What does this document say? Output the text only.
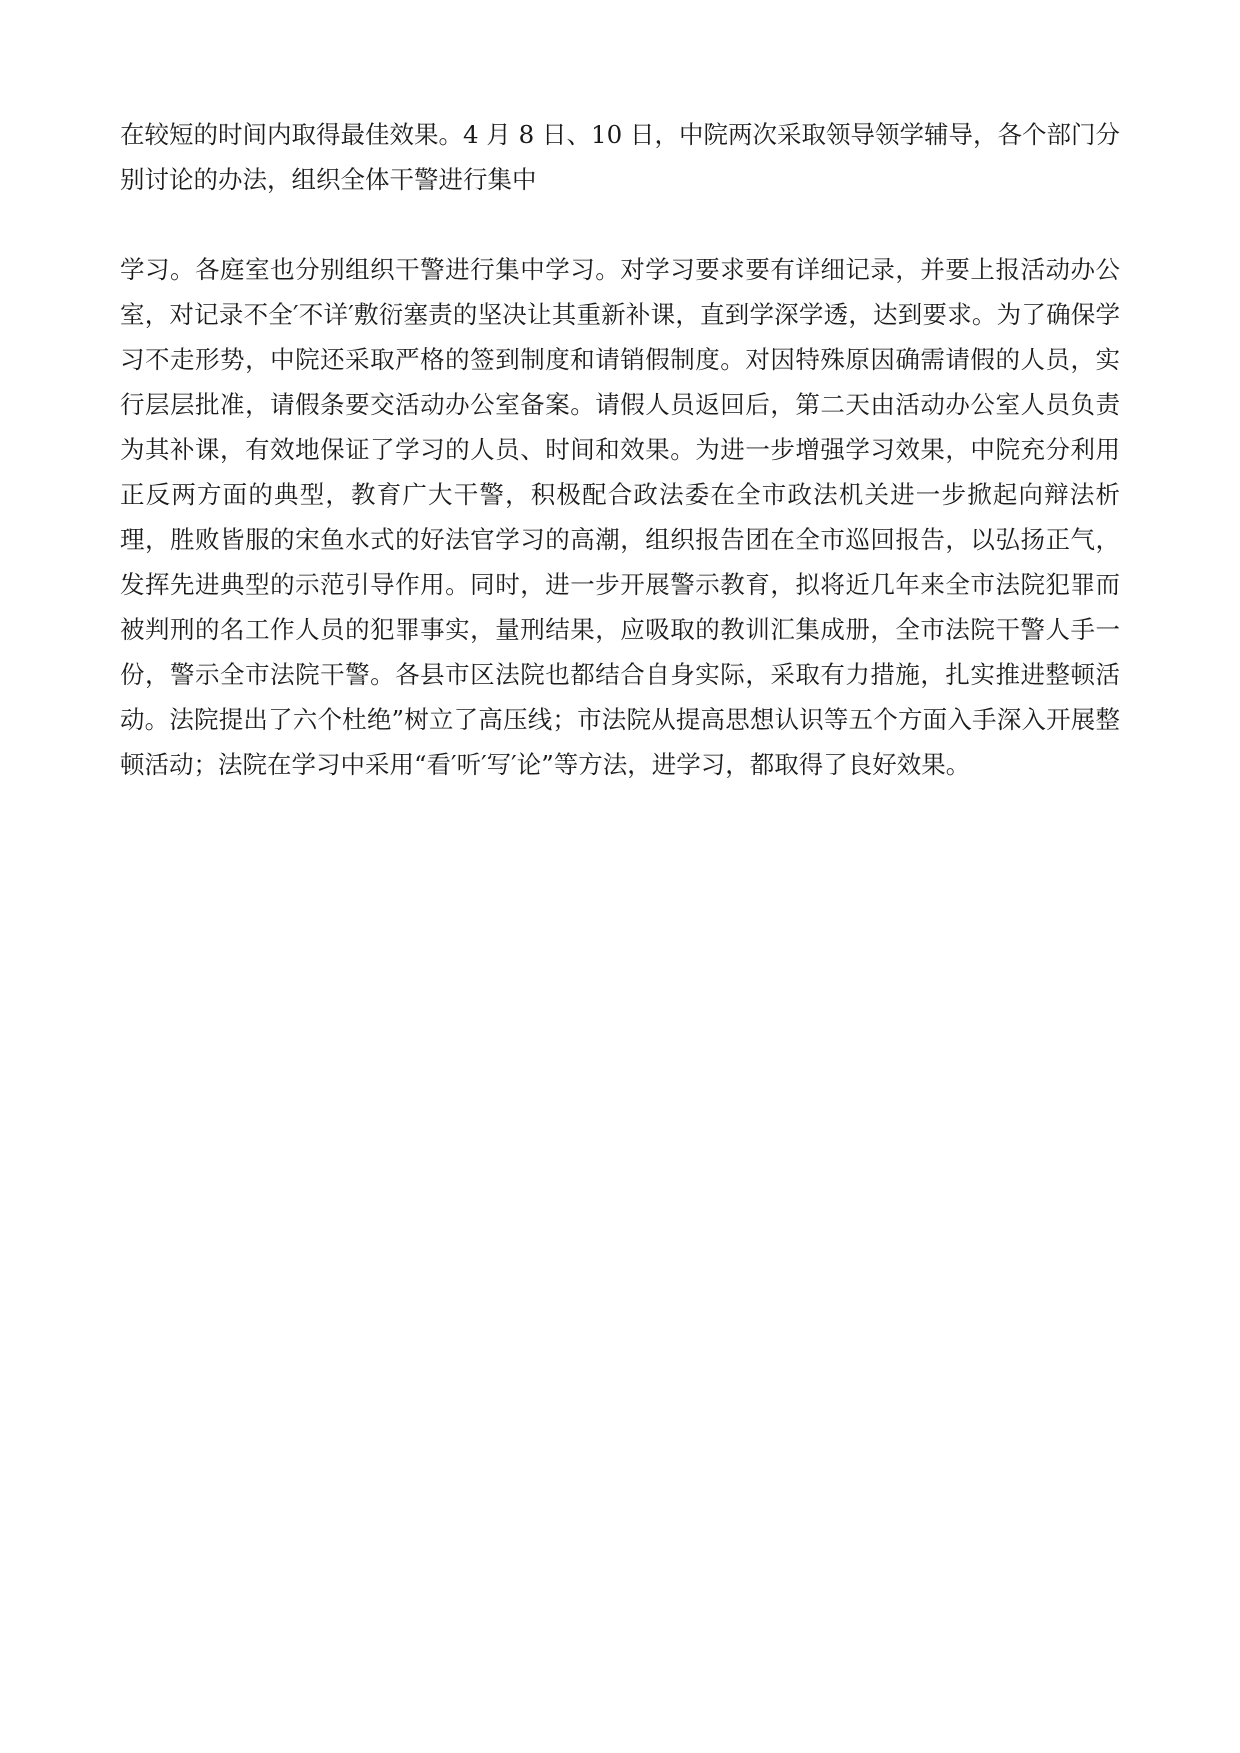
在较短的时间内取得最佳效果。4 月 8 日、10 日，中院两次采取领导领学辅导，各个部门分别讨论的办法，组织全体干警进行集中

学习。各庭室也分别组织干警进行集中学习。对学习要求要有详细记录，并要上报活动办公室，对记录不全′不详′敷衍塞责的坚决让其重新补课，直到学深学透，达到要求。为了确保学习不走形势，中院还采取严格的签到制度和请销假制度。对因特殊原因确需请假的人员，实行层层批准，请假条要交活动办公室备案。请假人员返回后，第二天由活动办公室人员负责为其补课，有效地保证了学习的人员、时间和效果。为进一步增强学习效果，中院充分利用正反两方面的典型，教育广大干警，积极配合政法委在全市政法机关进一步掀起向辩法析理，胜败皆服的宋鱼水式的好法官学习的高潮，组织报告团在全市巡回报告，以弘扬正气，发挥先进典型的示范引导作用。同时，进一步开展警示教育，拟将近几年来全市法院犯罪而被判刑的名工作人员的犯罪事实，量刑结果，应吸取的教训汇集成册，全市法院干警人手一份，警示全市法院干警。各县市区法院也都结合自身实际，采取有力措施，扎实推进整顿活动。法院提出了六个杜绝”树立了高压线；市法院从提高思想认识等五个方面入手深入开展整顿活动；法院在学习中采用“看′听′写′论”等方法，进学习，都取得了良好效果。
